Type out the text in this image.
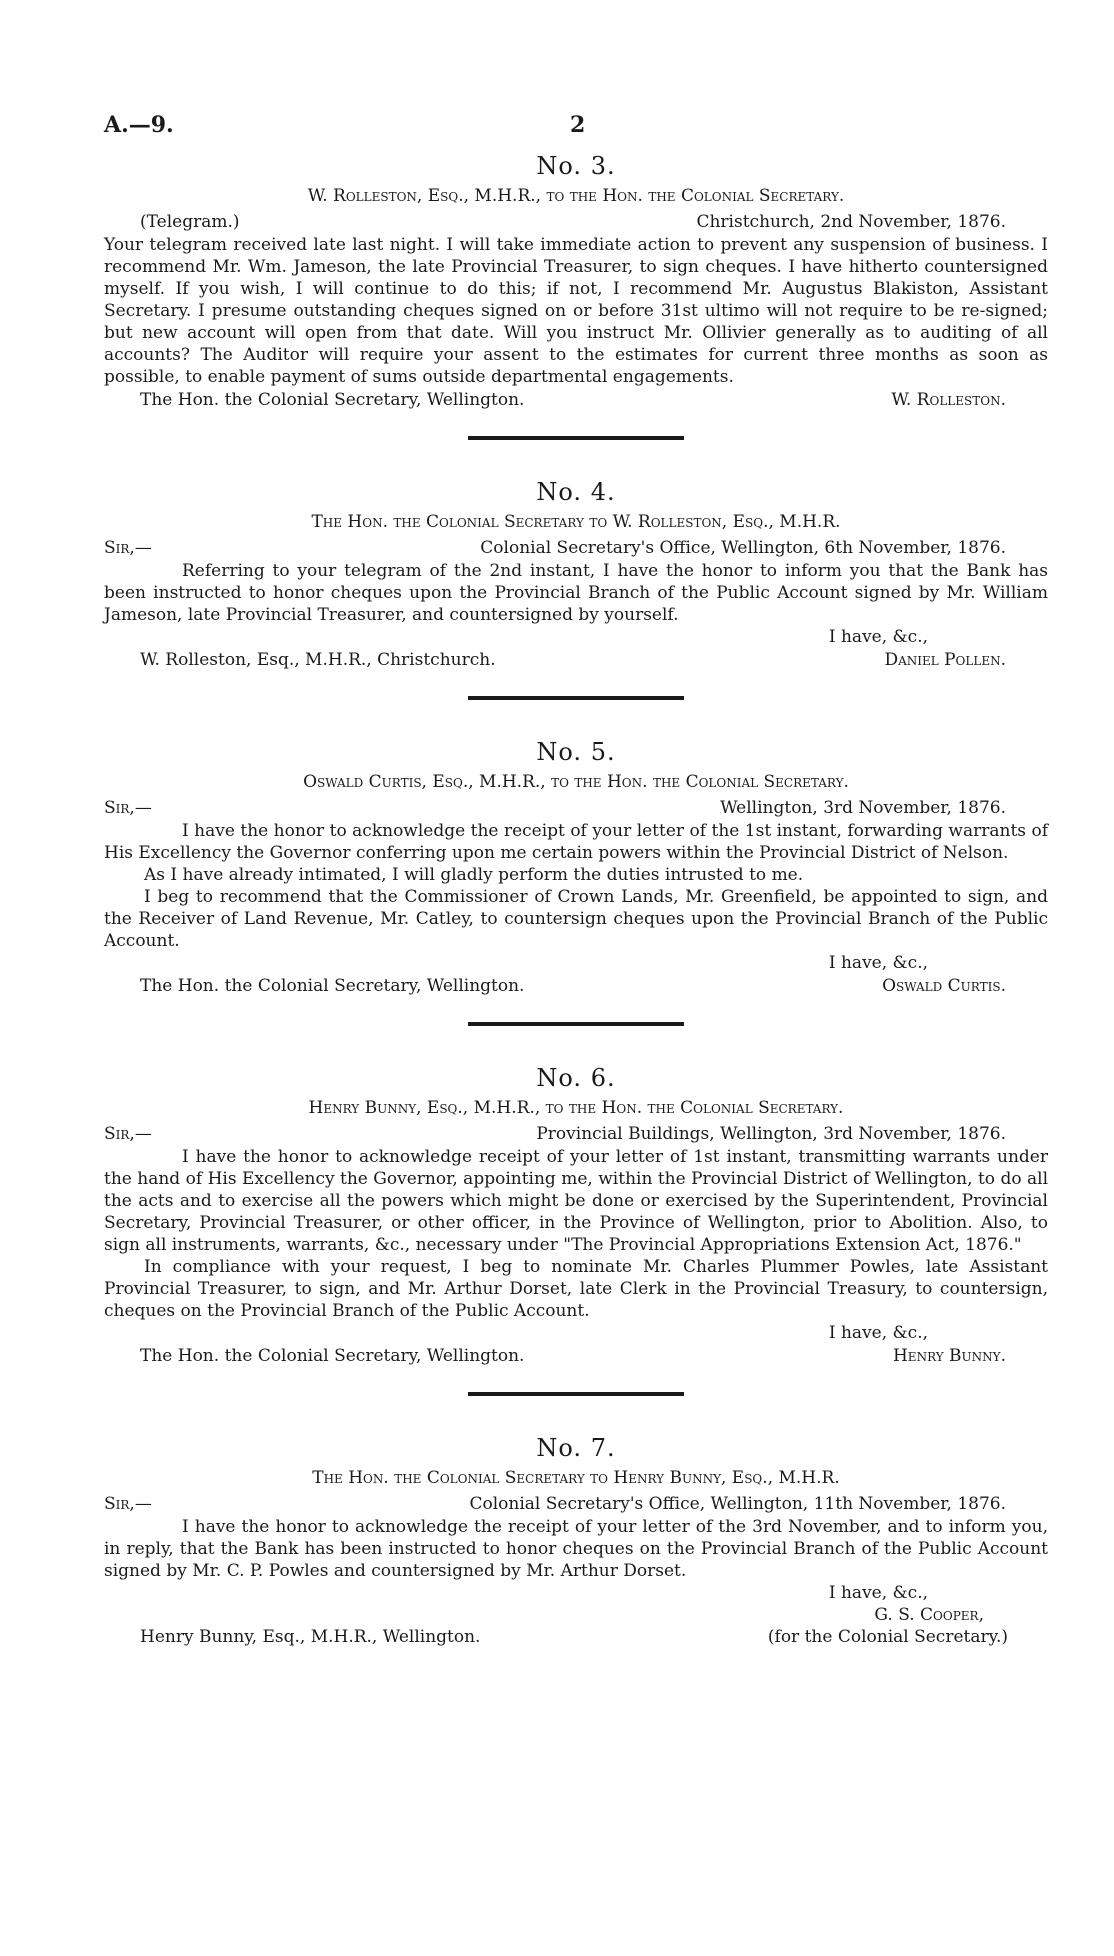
A.—9.	2
No. 3.
W. Rolleston, Esq., M.H.R., to the Hon. the Colonial Secretary.
(Telegram.)	Christchurch, 2nd November, 1876.

Your telegram received late last night. I will take immediate action to prevent any suspension of business. I recommend Mr. Wm. Jameson, the late Provincial Treasurer, to sign cheques. I have hitherto countersigned myself. If you wish, I will continue to do this; if not, I recommend Mr. Augustus Blakiston, Assistant Secretary. I presume outstanding cheques signed on or before 31st ultimo will not require to be re-signed; but new account will open from that date. Will you instruct Mr. Ollivier generally as to auditing of all accounts? The Auditor will require your assent to the estimates for current three months as soon as possible, to enable payment of sums outside departmental engagements.

The Hon. the Colonial Secretary, Wellington.	W. Rolleston.
No. 4.
The Hon. the Colonial Secretary to W. Rolleston, Esq., M.H.R.
Sir,—	Colonial Secretary's Office, Wellington, 6th November, 1876.

Referring to your telegram of the 2nd instant, I have the honor to inform you that the Bank has been instructed to honor cheques upon the Provincial Branch of the Public Account signed by Mr. William Jameson, late Provincial Treasurer, and countersigned by yourself.

I have, &c.,
W. Rolleston, Esq., M.H.R., Christchurch.	Daniel Pollen.
No. 5.
Oswald Curtis, Esq., M.H.R., to the Hon. the Colonial Secretary.
Sir,—	Wellington, 3rd November, 1876.

I have the honor to acknowledge the receipt of your letter of the 1st instant, forwarding warrants of His Excellency the Governor conferring upon me certain powers within the Provincial District of Nelson.

As I have already intimated, I will gladly perform the duties intrusted to me.

I beg to recommend that the Commissioner of Crown Lands, Mr. Greenfield, be appointed to sign, and the Receiver of Land Revenue, Mr. Catley, to countersign cheques upon the Provincial Branch of the Public Account.

I have, &c.,
The Hon. the Colonial Secretary, Wellington.	Oswald Curtis.
No. 6.
Henry Bunny, Esq., M.H.R., to the Hon. the Colonial Secretary.
Sir,—	Provincial Buildings, Wellington, 3rd November, 1876.

I have the honor to acknowledge receipt of your letter of 1st instant, transmitting warrants under the hand of His Excellency the Governor, appointing me, within the Provincial District of Wellington, to do all the acts and to exercise all the powers which might be done or exercised by the Superintendent, Provincial Secretary, Provincial Treasurer, or other officer, in the Province of Wellington, prior to Abolition. Also, to sign all instruments, warrants, &c., necessary under "The Provincial Appropriations Extension Act, 1876."

In compliance with your request, I beg to nominate Mr. Charles Plummer Powles, late Assistant Provincial Treasurer, to sign, and Mr. Arthur Dorset, late Clerk in the Provincial Treasury, to countersign, cheques on the Provincial Branch of the Public Account.

I have, &c.,
The Hon. the Colonial Secretary, Wellington.	Henry Bunny.
No. 7.
The Hon. the Colonial Secretary to Henry Bunny, Esq., M.H.R.
Sir,—	Colonial Secretary's Office, Wellington, 11th November, 1876.

I have the honor to acknowledge the receipt of your letter of the 3rd November, and to inform you, in reply, that the Bank has been instructed to honor cheques on the Provincial Branch of the Public Account signed by Mr. C. P. Powles and countersigned by Mr. Arthur Dorset.

I have, &c.,
G. S. Cooper,
Henry Bunny, Esq., M.H.R., Wellington.	(for the Colonial Secretary.)
